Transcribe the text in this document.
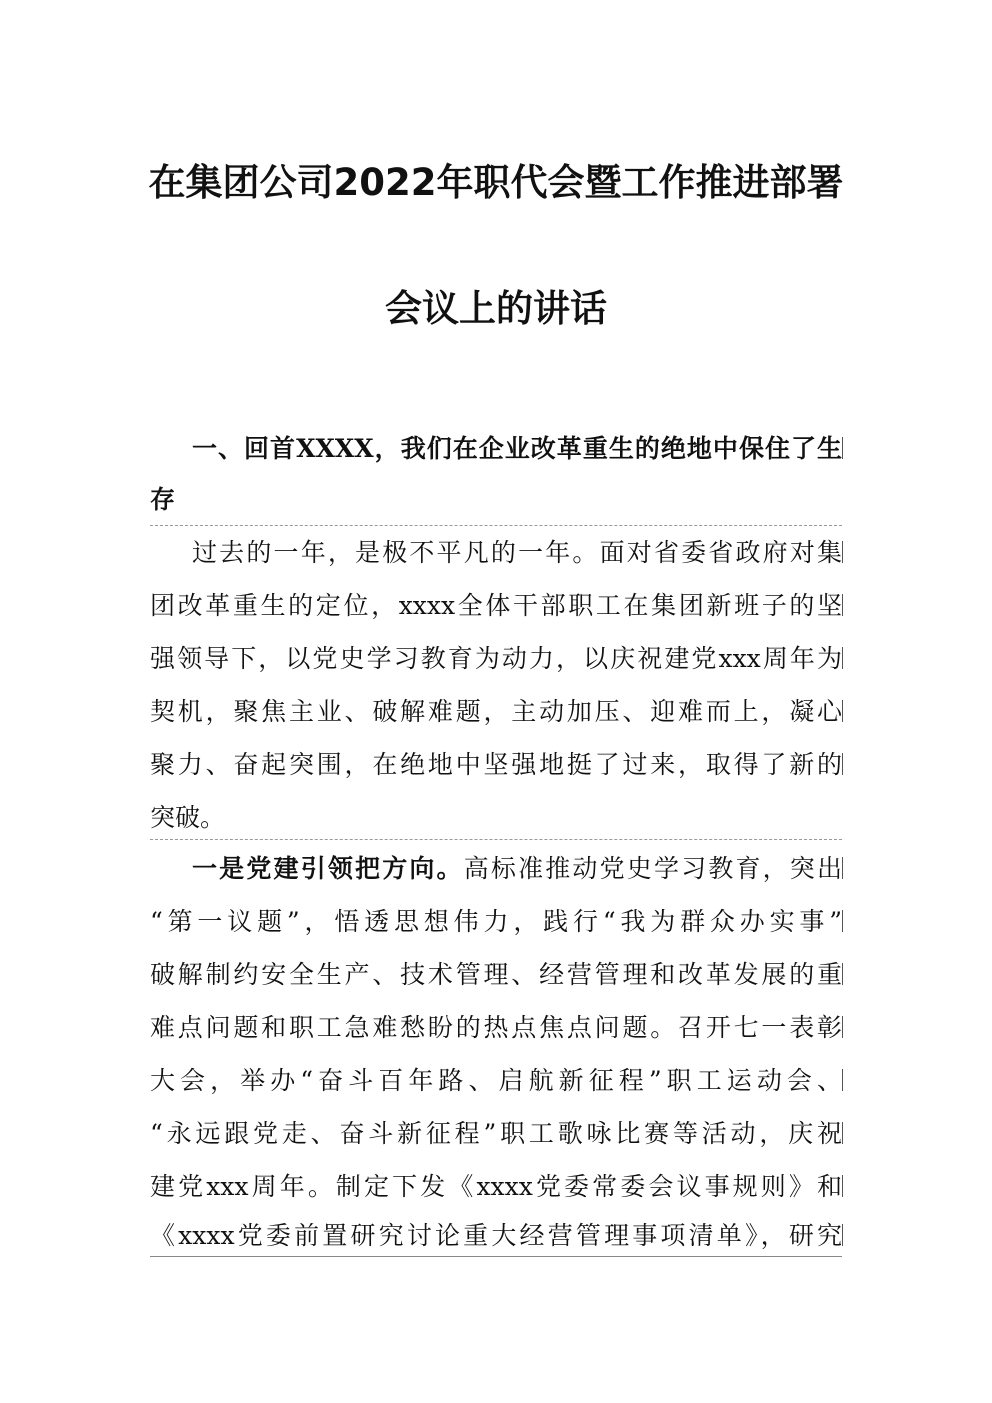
在集团公司2022年职代会暨工作推进部署
会议上的讲话
一、回首XXXX，我们在企业改革重生的绝地中保住了生
存
过去的一年，是极不平凡的一年。面对省委省政府对集
团改革重生的定位，xxxx全体干部职工在集团新班子的坚
强领导下，以党史学习教育为动力，以庆祝建党xxx周年为
契机，聚焦主业、破解难题，主动加压、迎难而上，凝心
聚力、奋起突围，在绝地中坚强地挺了过来，取得了新的
突破。
一是党建引领把方向。高标准推动党史学习教育，突出
“第一议题”，悟透思想伟力，践行“我为群众办实事”
破解制约安全生产、技术管理、经营管理和改革发展的重
难点问题和职工急难愁盼的热点焦点问题。召开七一表彰
大会，举办“奋斗百年路、启航新征程”职工运动会、
“永远跟党走、奋斗新征程”职工歌咏比赛等活动，庆祝
建党xxx周年。制定下发《xxxx党委常委会议事规则》和
《xxxx党委前置研究讨论重大经营管理事项清单》，研究
